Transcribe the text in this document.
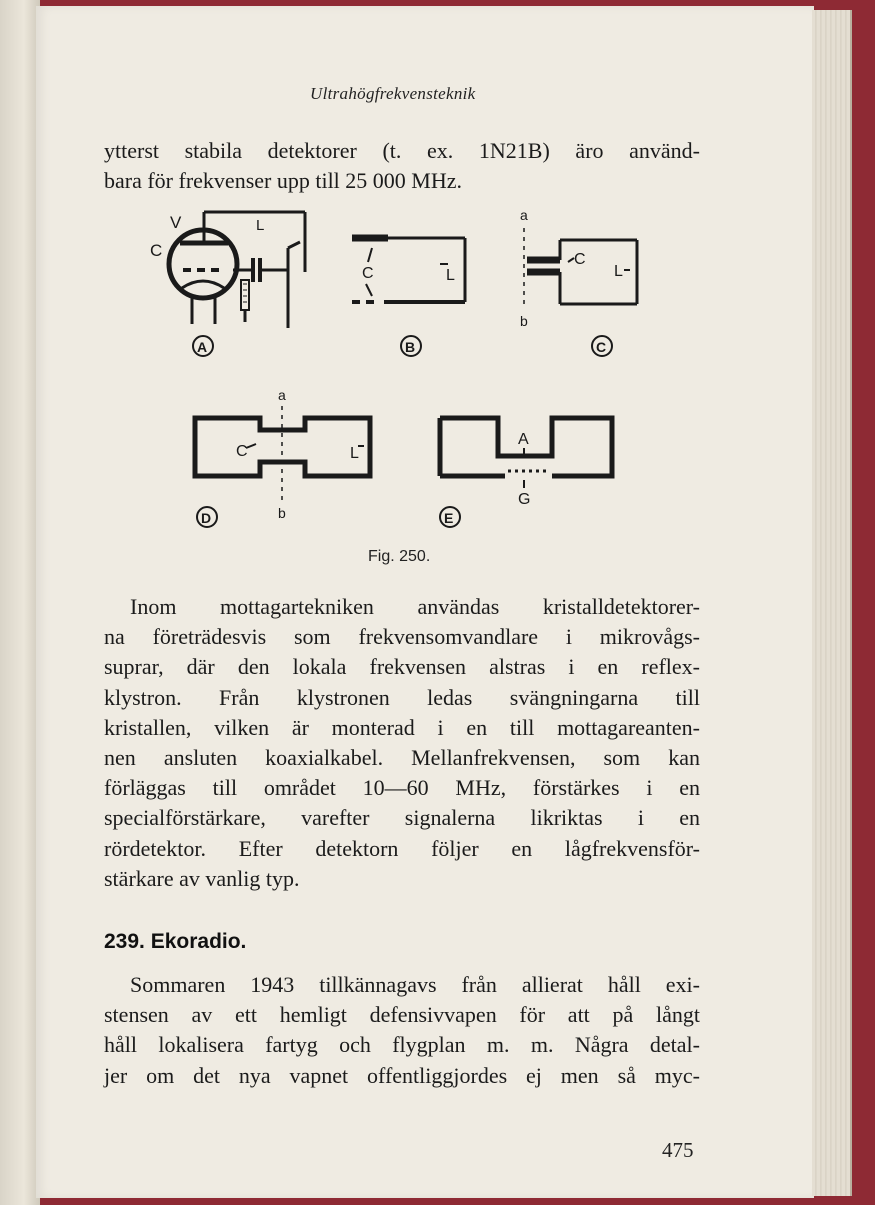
Ultrahögfrekvensteknik
ytterst stabila detektorer (t. ex. 1N21B) äro använd-
bara för frekvenser upp till 25 000 MHz.
V
C
L
A
C	L
B
a
b
C
L
C
a
b
C	L
D
A
G
E
Fig. 250.
Inom mottagartekniken användas kristalldetektorer-
na företrädesvis som frekvensomvandlare i mikrovågs-
suprar, där den lokala frekvensen alstras i en reflex-
klystron. Från klystronen ledas svängningarna till
kristallen, vilken är monterad i en till mottagareanten-
nen ansluten koaxialkabel. Mellanfrekvensen, som kan
förläggas till området 10—60 MHz, förstärkes i en
specialförstärkare, varefter signalerna likriktas i en
rördetektor. Efter detektorn följer en lågfrekvensför-
stärkare av vanlig typ.
239. Ekoradio.
Sommaren 1943 tillkännagavs från allierat håll exi-
stensen av ett hemligt defensivvapen för att på långt
håll lokalisera fartyg och flygplan m. m. Några detal-
jer om det nya vapnet offentliggjordes ej men så myc-
475
